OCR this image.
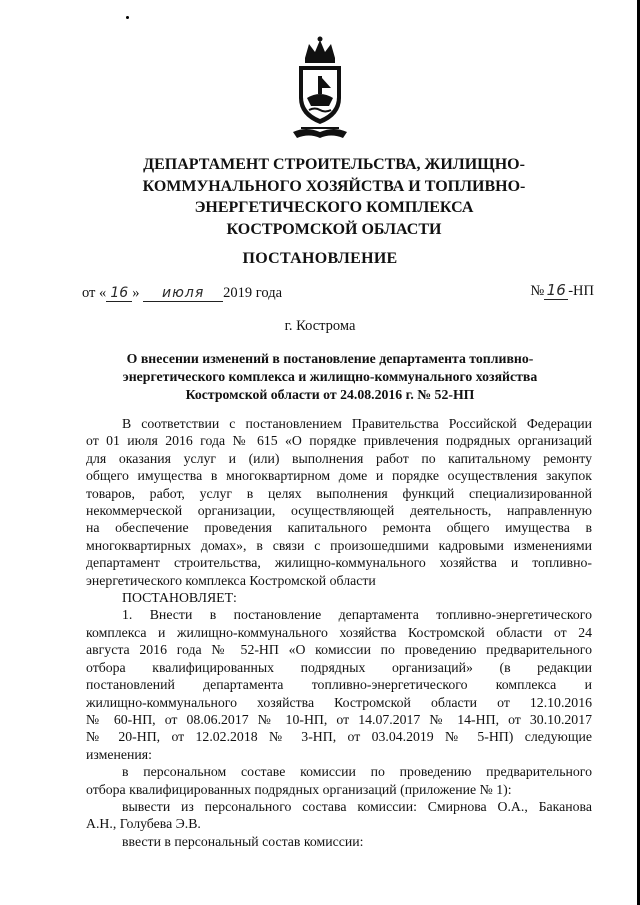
ДЕПАРТАМЕНТ СТРОИТЕЛЬСТВА, ЖИЛИЩНО-
КОММУНАЛЬНОГО ХОЗЯЙСТВА И ТОПЛИВНО-
ЭНЕРГЕТИЧЕСКОГО КОМПЛЕКСА
КОСТРОМСКОЙ ОБЛАСТИ
ПОСТАНОВЛЕНИЕ
от « 16 » июля 2019 года	№ 16 -НП
г. Кострома
О внесении изменений в постановление департамента топливно-
энергетического комплекса и жилищно-коммунального хозяйства
Костромской области от 24.08.2016 г. № 52-НП

В соответствии с постановлением Правительства Российской Федерации

от 01 июля 2016 года № 615 «О порядке привлечения подрядных организаций

для оказания услуг и (или) выполнения работ по капитальному ремонту

общего имущества в многоквартирном доме и порядке осуществления закупок

товаров, работ, услуг в целях выполнения функций специализированной

некоммерческой организации, осуществляющей деятельность, направленную

на обеспечение проведения капитального ремонта общего имущества в

многоквартирных домах», в связи с произошедшими кадровыми изменениями

департамент строительства, жилищно-коммунального хозяйства и топливно-

энергетического комплекса Костромской области

ПОСТАНОВЛЯЕТ:

1. Внести в постановление департамента топливно-энергетического

комплекса и жилищно-коммунального хозяйства Костромской области от 24

августа 2016 года № 52-НП «О комиссии по проведению предварительного

отбора квалифицированных подрядных организаций» (в редакции

постановлений департамента топливно-энергетического комплекса и

жилищно-коммунального хозяйства Костромской области от 12.10.2016

№ 60-НП, от 08.06.2017 № 10-НП, от 14.07.2017 № 14-НП, от 30.10.2017

№ 20-НП, от 12.02.2018 № 3-НП, от 03.04.2019 № 5-НП) следующие

изменения:

в персональном составе комиссии по проведению предварительного

отбора квалифицированных подрядных организаций (приложение № 1):

вывести из персонального состава комиссии: Смирнова О.А., Баканова

А.Н., Голубева Э.В.

ввести в персональный состав комиссии:
